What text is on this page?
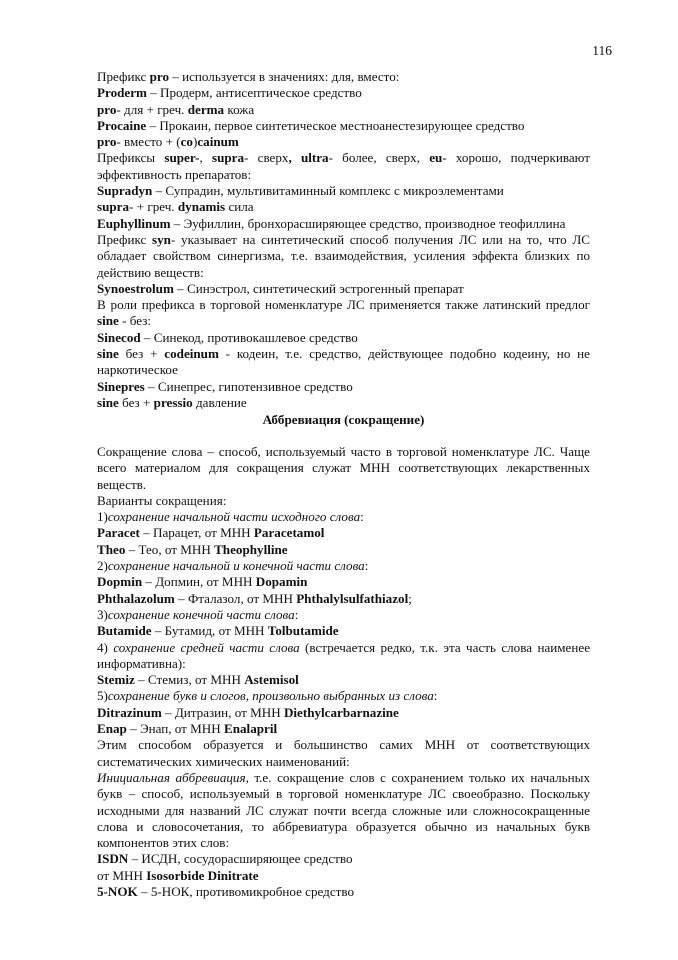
116

Префикс pro – используется в значениях: для, вместо:

Proderm – Продерм, антисептическое средство

pro- для + греч. derma кожа

Procaine – Прокаин, первое синтетическое местноанестезирующее средство

pro- вместо + (co)cainum

Префиксы super-, supra- сверх, ultra- более, сверх, eu- хорошо, подчеркивают эффективность препаратов:

Supradyn – Супрадин, мультивитаминный комплекс с микроэлементами

supra- + греч. dynamis сила

Euphyllinum – Эуфиллин, бронхорасширяющее средство, производное теофиллина

Префикс syn- указывает на синтетический способ получения ЛС или на то, что ЛС обладает свойством синергизма, т.е. взаимодействия, усиления эффекта близких по действию веществ:

Synoestrolum – Синэстрол, синтетический эстрогенный препарат

В роли префикса в торговой номенклатуре ЛС применяется также латинский предлог sine - без:

Sinecod – Синекод, противокашлевое средство

sine без + codeinum - кодеин, т.е. средство, действующее подобно кодеину, но не наркотическое

Sinepres – Синепрес, гипотензивное средство

sine без + pressio давление

Аббревиация (сокращение)

Сокращение слова – способ, используемый часто в торговой номенклатуре ЛС. Чаще всего материалом для сокращения служат МНН соответствующих лекарственных веществ.

Варианты сокращения:

1)сохранение начальной части исходного слова:

Paracet – Парацет, от МНН Paracetamol

Theo – Тео, от МНН Theophylline

2)сохранение начальной и конечной части слова:

Dopmin – Допмин, от МНН Dopamin

Phthalazolum – Фталазол, от МНН Phthalylsulfathiazol;

3)сохранение конечной части слова:

Butamide – Бутамид, от МНН Tolbutamide

4) сохранение средней части слова (встречается редко, т.к. эта часть слова наименее информативна):

Stemiz – Стемиз, от МНН Astemisol

5)сохранение букв и слогов, произвольно выбранных из слова:

Ditrazinum – Дитразин, от МНН Diethylcarbarnazine

Enap – Энап, от МНН Enalapril

Этим способом образуется и большинство самих МНН от соответствующих систематических химических наименований:

Инициальная аббревиация, т.е. сокращение слов с сохранением только их начальных букв – способ, используемый в торговой номенклатуре ЛС своеобразно. Поскольку исходными для названий ЛС служат почти всегда сложные или сложносокращенные слова и словосочетания, то аббревиатура образуется обычно из начальных букв компонентов этих слов:

ISDN – ИСДН, сосудорасширяющее средство

от МНН Isosorbide Dinitrate

5-NOK – 5-НОК, противомикробное средство
